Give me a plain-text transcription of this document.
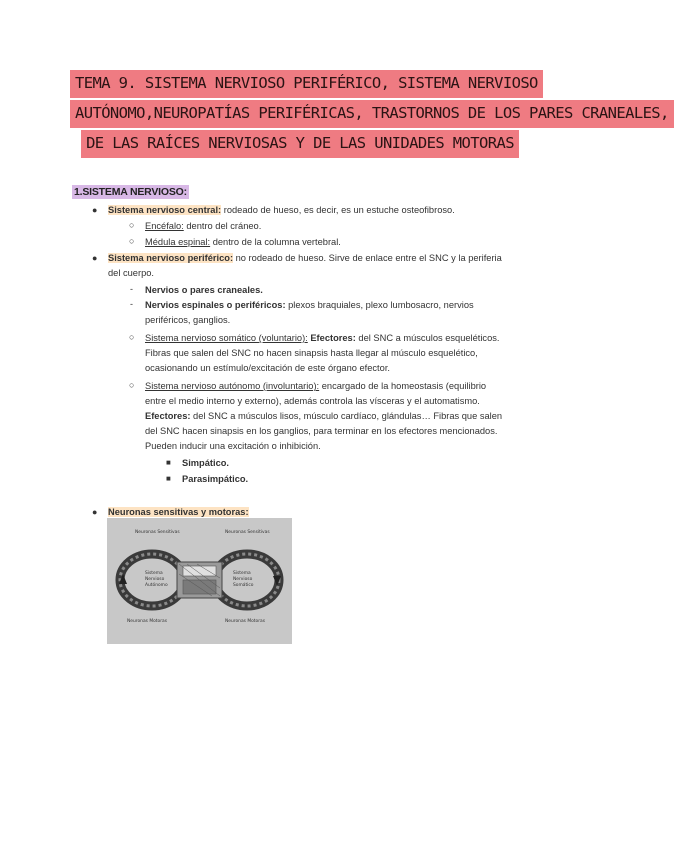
TEMA 9. SISTEMA NERVIOSO PERIFÉRICO, SISTEMA NERVIOSO
AUTÓNOMO,NEUROPATÍAS PERIFÉRICAS, TRASTORNOS DE LOS PARES CRANEALES,
DE LAS RAÍCES NERVIOSAS Y DE LAS UNIDADES MOTORAS
1.SISTEMA NERVIOSO:
● Sistema nervioso central: rodeado de hueso, es decir, es un estuche osteofibroso.
○ Encéfalo: dentro del cráneo.
○ Médula espinal: dentro de la columna vertebral.
● Sistema nervioso periférico: no rodeado de hueso. Sirve de enlace entre el SNC y la periferia
del cuerpo.
- Nervios o pares craneales.
- Nervios espinales o periféricos: plexos braquiales, plexo lumbosacro, nervios
periféricos, ganglios.
○ Sistema nervioso somático (voluntario): Efectores: del SNC a músculos esqueléticos.
Fibras que salen del SNC no hacen sinapsis hasta llegar al músculo esquelético,
ocasionando un estímulo/excitación de este órgano efector.
○ Sistema nervioso autónomo (involuntario): encargado de la homeostasis (equilibrio
entre el medio interno y externo), además controla las vísceras y el automatismo.
Efectores: del SNC a músculos lisos, músculo cardíaco, glándulas… Fibras que salen
del SNC hacen sinapsis en los ganglios, para terminar en los efectores mencionados.
Pueden inducir una excitación o inhibición.
■ Simpático.
■ Parasimpático.
● Neuronas sensitivas y motoras:
Neuronas Sensitivas	Neuronas Sensitivas
Sistema
Nervioso
Autónomo
Sistema
Nervioso
Somático
Neuronas Motoras	Neuronas Motoras
